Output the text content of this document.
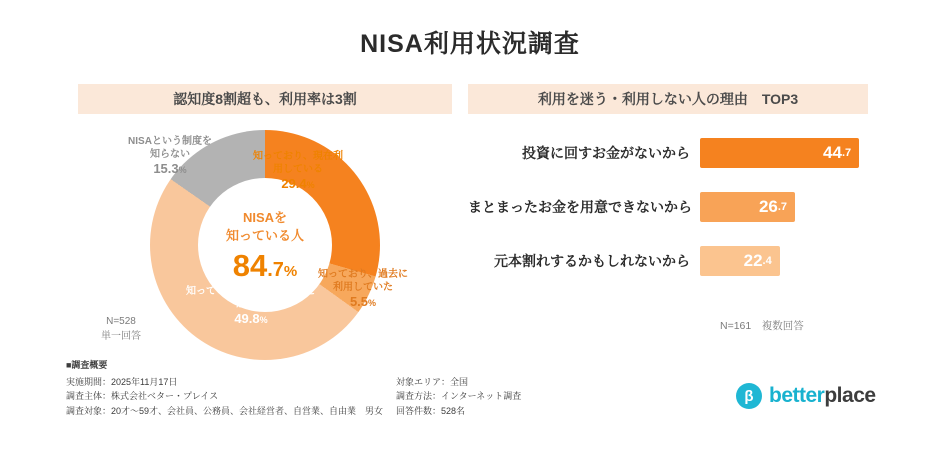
NISA利用状況調査
認知度8割超も、利用率は3割	利用を迷う・利用しない人の理由　TOP3
NISAを
知っている人
84.7%
知っており、現在利用している
29.4%
知っており、過去に利用していた
5.5%
知っているが、利用したことがない
49.8%
NISAという制度を知らない
15.3%
N=528
単一回答
投資に回すお金がないから	44 .7
まとまったお金を用意できないから	26 .7
元本割れするかもしれないから	22 .4
N=161　複数回答
■調査概要
実施期間：2025年11月17日
調査主体：株式会社ベター・プレイス
調査対象：20才〜59才、会社員、公務員、会社経営者、自営業、自由業　男女
対象エリア：全国
調査方法：インターネット調査
回答件数：528名
β betterplace
